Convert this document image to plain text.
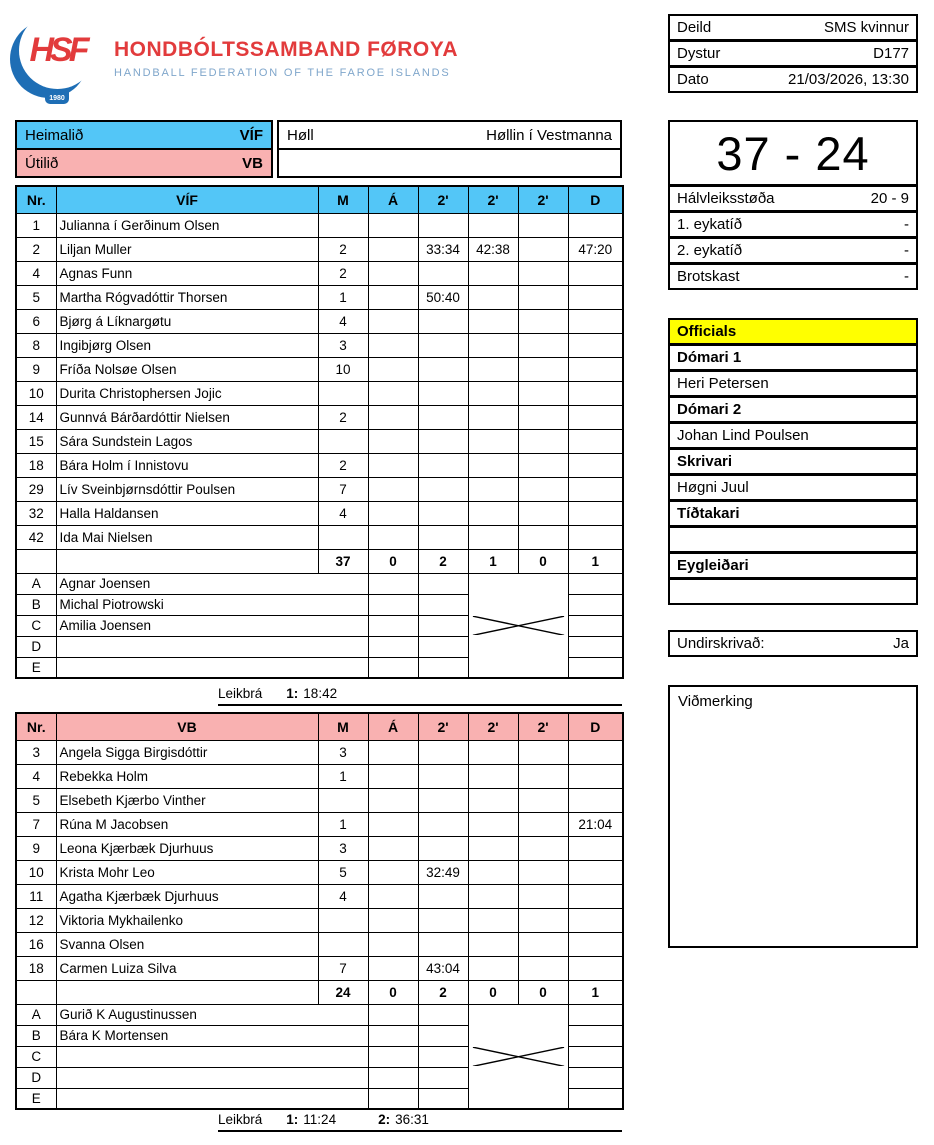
1980
HSF	HONDBÓLTSSAMBAND FØROYA
HANDBALL FEDERATION OF THE FAROE ISLANDS
Deild	SMS kvinnur
Dystur	D177
Dato	21/03/2026, 13:30
Heimalið	VÍF
Útilið	VB
Høll	Høllin í Vestmanna	37 - 24
Hálvleiksstøða	20 - 9
1. eykatíð	-
2. eykatíð	-
Brotskast	-
Officials
Dómari 1
Heri Petersen
Dómari 2
Johan Lind Poulsen
Skrivari
Høgni Juul
Tíðtakari
Eygleiðari
Undirskrivað:	Ja
Viðmerking
Nr.	VÍF	M	Á	2'	2'	2'	D
1	Julianna í Gerðinum Olsen						
2	Liljan Muller	2		33:34	42:38		47:20
4	Agnas Funn	2					
5	Martha Rógvadóttir Thorsen	1		50:40			
6	Bjørg á Líknargøtu	4					
8	Ingibjørg Olsen	3					
9	Fríða Nolsøe Olsen	10					
10	Durita Christophersen Jojic						
14	Gunnvá Bárðardóttir Nielsen	2					
15	Sára Sundstein Lagos						
18	Bára Holm í Innistovu	2					
29	Lív Sveinbjørnsdóttir Poulsen	7					
32	Halla Haldansen	4					
42	Ida Mai Nielsen						
		37	0	2	1	0	1
A	Agnar Joensen			

B	Michal Piotrowski						
C	Amilia Joensen						
D							
E							
Leikbrá 1: 18:42
Nr.	VB	M	Á	2'	2'	2'	D
3	Angela Sigga Birgisdóttir	3					
4	Rebekka Holm	1					
5	Elsebeth Kjærbo Vinther						
7	Rúna M Jacobsen	1					21:04
9	Leona Kjærbæk Djurhuus	3					
10	Krista Mohr Leo	5		32:49			
11	Agatha Kjærbæk Djurhuus	4					
12	Viktoria Mykhailenko						
16	Svanna Olsen						
18	Carmen Luiza Silva	7		43:04			
		24	0	2	0	0	1
A	Gurið K Augustinussen			

B	Bára K Mortensen						
C							
D							
E							
Leikbrá 1: 11:24	2: 36:31
